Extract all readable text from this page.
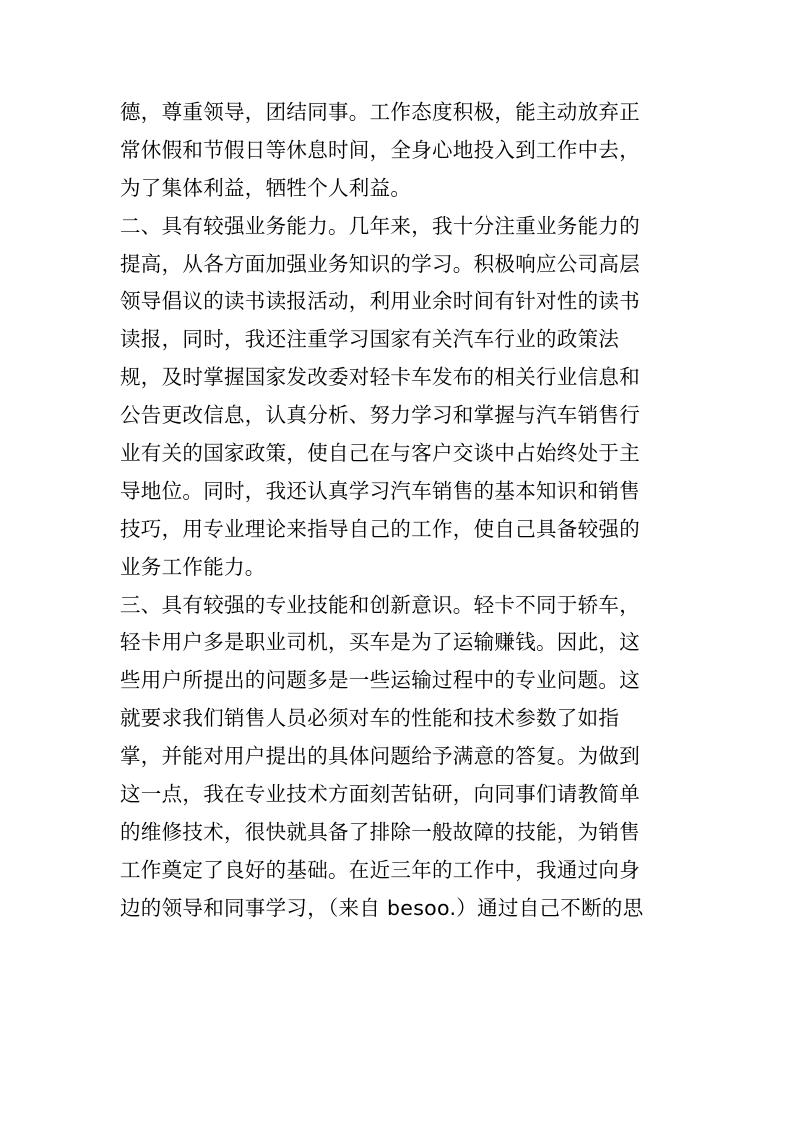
德，尊重领导，团结同事。工作态度积极，能主动放弃正
常休假和节假日等休息时间，全身心地投入到工作中去，
为了集体利益，牺牲个人利益。
二、具有较强业务能力。几年来，我十分注重业务能力的
提高，从各方面加强业务知识的学习。积极响应公司高层
领导倡议的读书读报活动，利用业余时间有针对性的读书
读报，同时，我还注重学习国家有关汽车行业的政策法
规，及时掌握国家发改委对轻卡车发布的相关行业信息和
公告更改信息，认真分析、努力学习和掌握与汽车销售行
业有关的国家政策，使自己在与客户交谈中占始终处于主
导地位。同时，我还认真学习汽车销售的基本知识和销售
技巧，用专业理论来指导自己的工作，使自己具备较强的
业务工作能力。
三、具有较强的专业技能和创新意识。轻卡不同于轿车，
轻卡用户多是职业司机，买车是为了运输赚钱。因此，这
些用户所提出的问题多是一些运输过程中的专业问题。这
就要求我们销售人员必须对车的性能和技术参数了如指
掌，并能对用户提出的具体问题给予满意的答复。为做到
这一点，我在专业技术方面刻苦钻研，向同事们请教简单
的维修技术，很快就具备了排除一般故障的技能，为销售
工作奠定了良好的基础。在近三年的工作中，我通过向身
边的领导和同事学习，（来自 besoo.）通过自己不断的思
